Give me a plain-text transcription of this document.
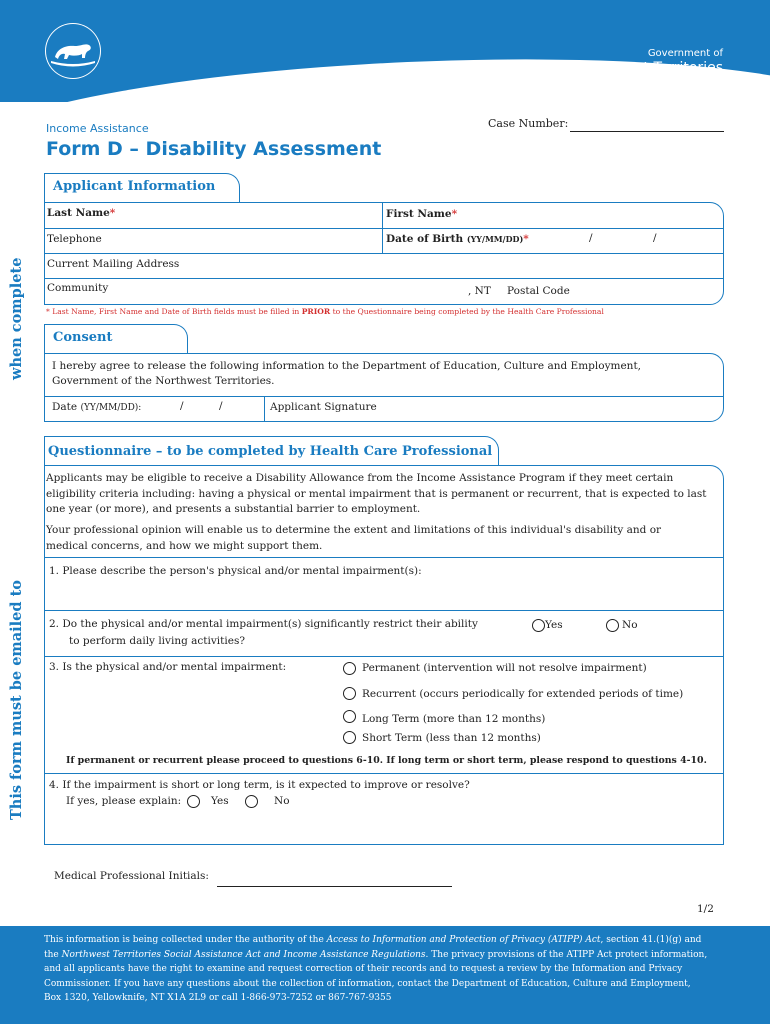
Government of
Northwest Territories
Income Assistance
Form D – Disability Assessment
Case Number:
This form must be emailed towhen complete
Applicant Information
Last Name*	First Name*
Telephone	Date of Birth (YY/MM/DD)*	/	/
Current Mailing Address
Community	, NT Postal Code
* Last Name, First Name and Date of Birth fields must be filled in PRIOR to the Questionnaire being completed by the Health Care Professional
Consent
I hereby agree to release the following information to the Department of Education, Culture and Employment,
Government of the Northwest Territories.
Date (YY/MM/DD):	/	/	Applicant Signature
Questionnaire – to be completed by Health Care Professional
Applicants may be eligible to receive a Disability Allowance from the Income Assistance Program if they meet certain
eligibility criteria including: having a physical or mental impairment that is permanent or recurrent, that is expected to last
one year (or more), and presents a substantial barrier to employment.
Your professional opinion will enable us to determine the extent and limitations of this individual's disability and or
medical concerns, and how we might support them.
1. Please describe the person's physical and/or mental impairment(s):
2. Do the physical and/or mental impairment(s) significantly restrict their ability
to perform daily living activities?
Yes	No
3. Is the physical and/or mental impairment:	Permanent (intervention will not resolve impairment)
Recurrent (occurs periodically for extended periods of time)
Long Term (more than 12 months)
Short Term (less than 12 months)
If permanent or recurrent please proceed to questions 6-10. If long term or short term, please respond to questions 4-10.
4. If the impairment is short or long term, is it expected to improve or resolve?
If yes, please explain:	Yes	No
Medical Professional Initials:
1/2
This information is being collected under the authority of the Access to Information and Protection of Privacy (ATIPP) Act, section 41.(1)(g) and
the Northwest Territories Social Assistance Act and Income Assistance Regulations. The privacy provisions of the ATIPP Act protect information,
and all applicants have the right to examine and request correction of their records and to request a review by the Information and Privacy
Commissioner. If you have any questions about the collection of information, contact the Department of Education, Culture and Employment,
Box 1320, Yellowknife, NT X1A 2L9 or call 1-866-973-7252 or 867-767-9355
